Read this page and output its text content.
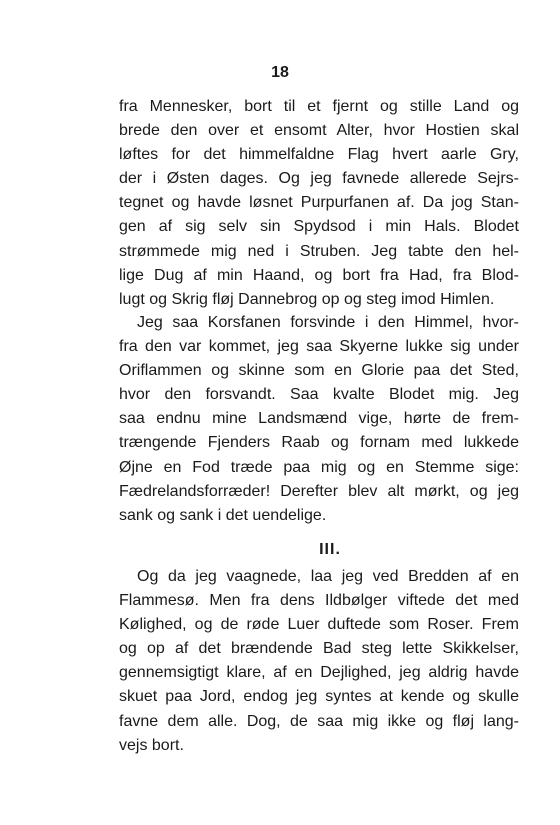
18
fra Mennesker, bort til et fjernt og stille Land og
brede den over et ensomt Alter, hvor Hostien skal
løftes for det himmelfaldne Flag hvert aarle Gry,
der i Østen dages. Og jeg favnede allerede Sejrs-
tegnet og havde løsnet Purpurfanen af. Da jog Stan-
gen af sig selv sin Spydsod i min Hals. Blodet
strømmede mig ned i Struben. Jeg tabte den hel-
lige Dug af min Haand, og bort fra Had, fra Blod-
lugt og Skrig fløj Dannebrog op og steg imod Himlen.
Jeg saa Korsfanen forsvinde i den Himmel, hvor-
fra den var kommet, jeg saa Skyerne lukke sig under
Oriflammen og skinne som en Glorie paa det Sted,
hvor den forsvandt. Saa kvalte Blodet mig. Jeg
saa endnu mine Landsmænd vige, hørte de frem-
trængende Fjenders Raab og fornam med lukkede
Øjne en Fod træde paa mig og en Stemme sige:
Fædrelandsforræder! Derefter blev alt mørkt, og jeg
sank og sank i det uendelige.
III.
Og da jeg vaagnede, laa jeg ved Bredden af en
Flammesø. Men fra dens Ildbølger viftede det med
Kølighed, og de røde Luer duftede som Roser. Frem
og op af det brændende Bad steg lette Skikkelser,
gennemsigtigt klare, af en Dejlighed, jeg aldrig havde
skuet paa Jord, endog jeg syntes at kende og skulle
favne dem alle. Dog, de saa mig ikke og fløj lang-
vejs bort.
